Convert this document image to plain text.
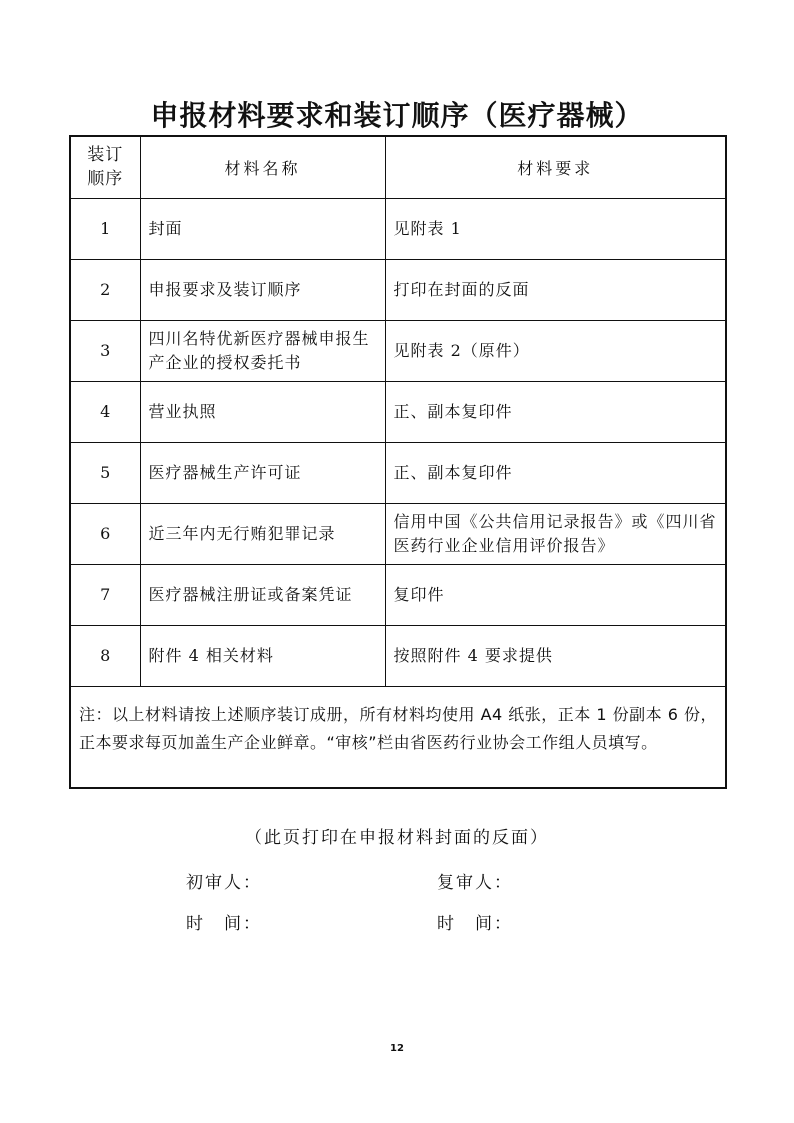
申报材料要求和装订顺序（医疗器械）
装订
顺序	材料名称	材料要求
1	封面	见附表 1
2	申报要求及装订顺序	打印在封面的反面
3	四川名特优新医疗器械申报生产企业的授权委托书	见附表 2（原件）
4	营业执照	正、副本复印件
5	医疗器械生产许可证	正、副本复印件
6	近三年内无行贿犯罪记录	信用中国《公共信用记录报告》或《四川省医药行业企业信用评价报告》
7	医疗器械注册证或备案凭证	复印件
8	附件 4 相关材料	按照附件 4 要求提供
注：以上材料请按上述顺序装订成册，所有材料均使用 A4 纸张，正本 1 份副本 6 份，正本要求每页加盖生产企业鲜章。“审核”栏由省医药行业协会工作组人员填写。		
（此页打印在申报材料封面的反面）
初审人：	复审人：
时　间：	时　间：
12
